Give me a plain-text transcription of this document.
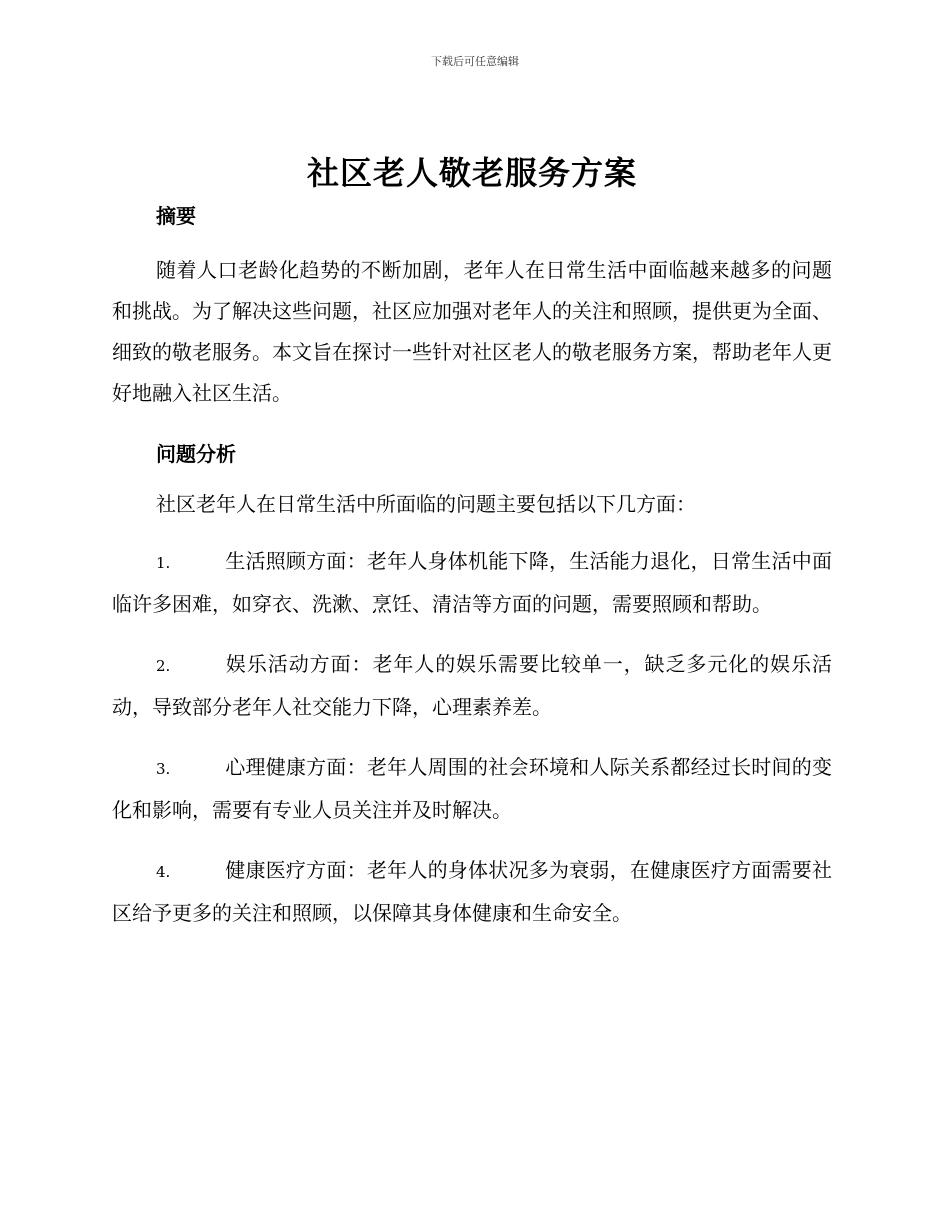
下载后可任意编辑
社区老人敬老服务方案
摘要

随着人口老龄化趋势的不断加剧，老年人在日常生活中面临越来越多的问题和挑战。为了解决这些问题，社区应加强对老年人的关注和照顾，提供更为全面、细致的敬老服务。本文旨在探讨一些针对社区老人的敬老服务方案，帮助老年人更好地融入社区生活。

问题分析

社区老年人在日常生活中所面临的问题主要包括以下几方面：

1.	生活照顾方面：老年人身体机能下降，生活能力退化，日常生活中面临许多困难，如穿衣、洗漱、烹饪、清洁等方面的问题，需要照顾和帮助。

2.	娱乐活动方面：老年人的娱乐需要比较单一，缺乏多元化的娱乐活动，导致部分老年人社交能力下降，心理素养差。

3.	心理健康方面：老年人周围的社会环境和人际关系都经过长时间的变化和影响，需要有专业人员关注并及时解决。

4.	健康医疗方面：老年人的身体状况多为衰弱，在健康医疗方面需要社区给予更多的关注和照顾，以保障其身体健康和生命安全。
